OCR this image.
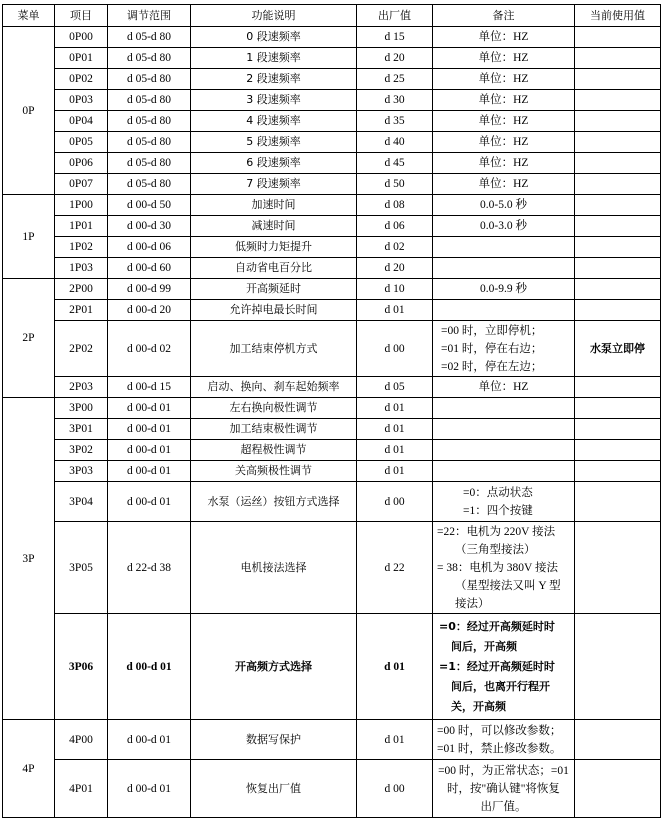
菜单	项目	调节范围	功能说明	出厂值	备注	当前使用值
0P	0P00	d 05-d 80	0 段速频率	d 15	单位：HZ	
	0P01	d 05-d 80	1 段速频率	d 20	单位：HZ	
	0P02	d 05-d 80	2 段速频率	d 25	单位：HZ	
	0P03	d 05-d 80	3 段速频率	d 30	单位：HZ	
	0P04	d 05-d 80	4 段速频率	d 35	单位：HZ	
	0P05	d 05-d 80	5 段速频率	d 40	单位：HZ	
	0P06	d 05-d 80	6 段速频率	d 45	单位：HZ	
	0P07	d 05-d 80	7 段速频率	d 50	单位：HZ	
1P	1P00	d 00-d 50	加速时间	d 08	0.0-5.0 秒	
	1P01	d 00-d 30	减速时间	d 06	0.0-3.0 秒	
	1P02	d 00-d 06	低频时力矩提升	d 02		
	1P03	d 00-d 60	自动省电百分比	d 20		
2P	2P00	d 00-d 99	开高频延时	d 10	0.0-9.9 秒	
	2P01	d 00-d 20	允许掉电最长时间	d 01		
	2P02	d 00-d 02	加工结束停机方式	d 00	=00 时，立即停机；
=01 时，停在右边；
=02 时，停在左边；	水泵立即停
	2P03	d 00-d 15	启动、换向、刹车起始频率	d 05	单位：HZ	
3P	3P00	d 00-d 01	左右换向极性调节	d 01		
	3P01	d 00-d 01	加工结束极性调节	d 01		
	3P02	d 00-d 01	超程极性调节	d 01		
	3P03	d 00-d 01	关高频极性调节	d 01		
	3P04	d 00-d 01	水泵（运丝）按钮方式选择	d 00	=0：点动状态
=1：四个按键	

	3P05	d 22-d 38	电机接法选择	d 22	=22：电机为 220V 接法
（三角型接法）
= 38：电机为 380V 接法
（星型接法又叫 Y 型
接法）	

	3P06	d 00-d 01	开高频方式选择	d 01	=0：经过开高频延时时
间后，开高频
=1：经过开高频延时时
间后，也离开行程开
关，开高频	

4P	4P00	d 00-d 01	数据写保护	d 01	=00 时，可以修改参数；
=01 时，禁止修改参数。	

	4P01	d 00-d 01	恢复出厂值	d 00	=00 时，为正常状态；=01
时，按"确认键"将恢复
出厂值。	
